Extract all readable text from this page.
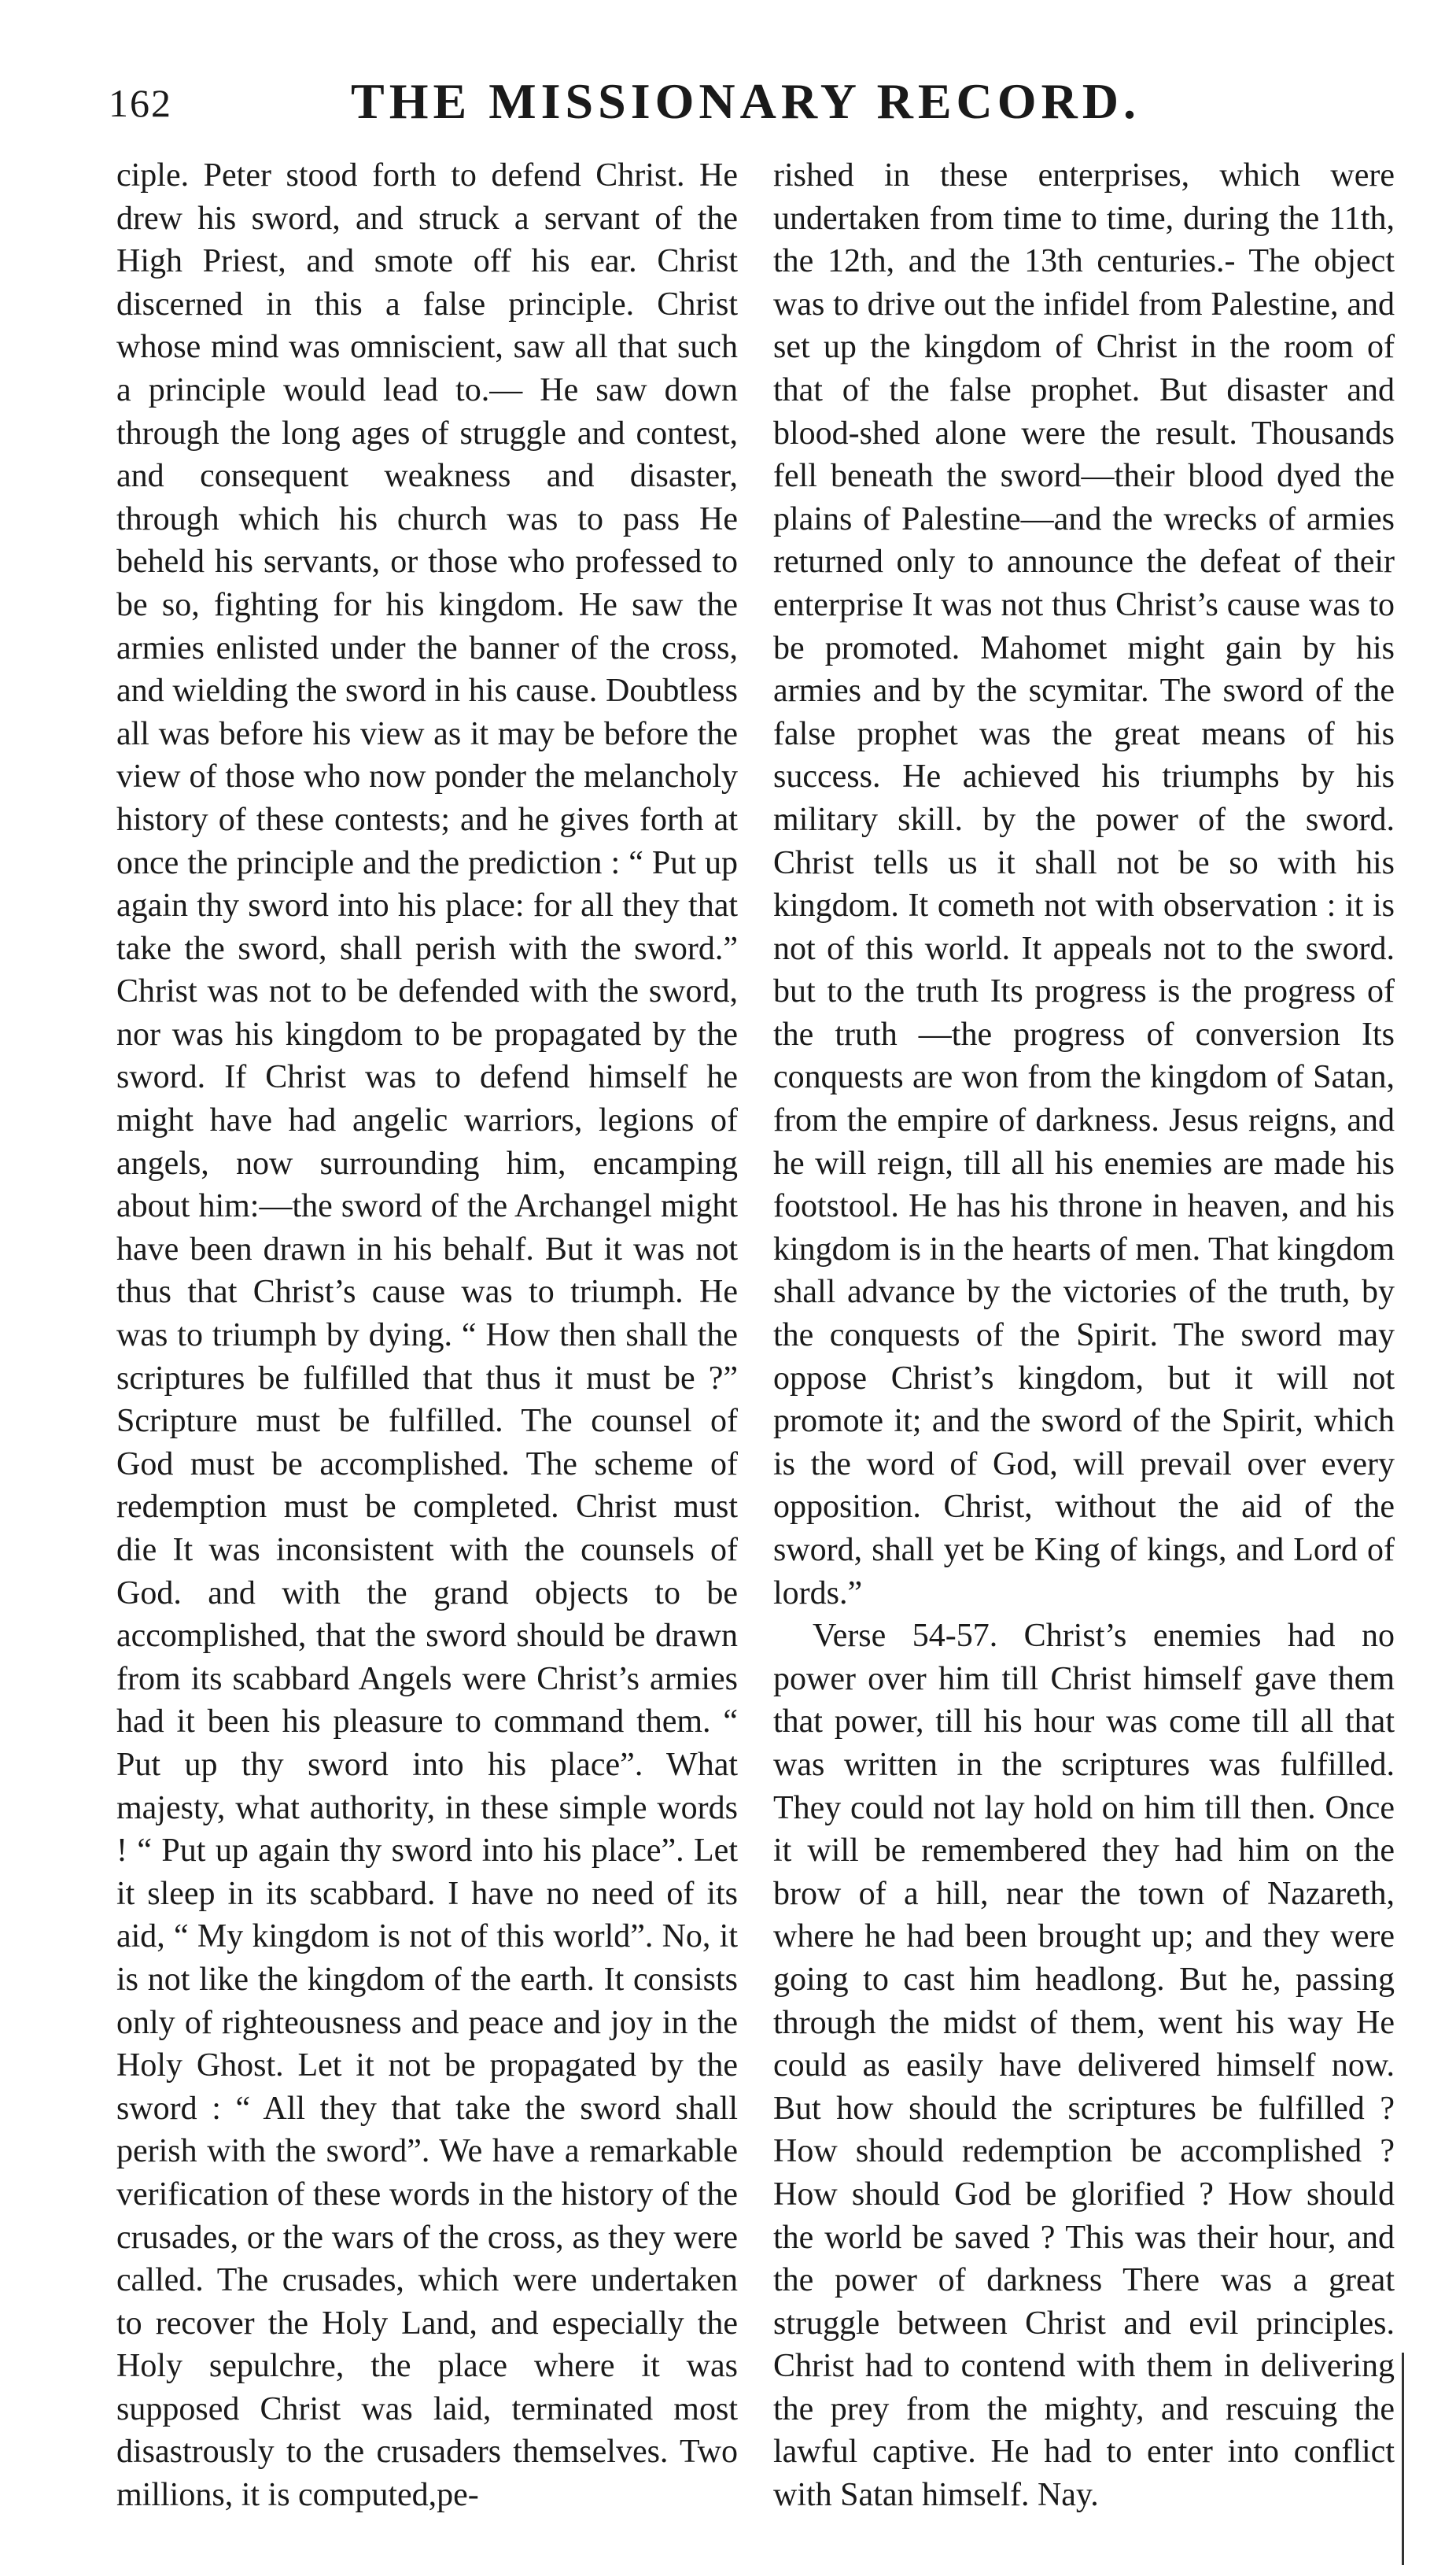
162	THE MISSIONARY RECORD.

ciple. Peter stood forth to defend Christ. He drew his sword, and struck a servant of the High Priest, and smote off his ear. Christ discerned in this a false principle. Christ whose mind was omniscient, saw all that such a principle would lead to.— He saw down through the long ages of struggle and contest, and consequent weakness and disaster, through which his church was to pass He beheld his servants, or those who professed to be so, fighting for his kingdom. He saw the armies enlisted under the banner of the cross, and wielding the sword in his cause. Doubtless all was before his view as it may be before the view of those who now ponder the melancholy history of these contests; and he gives forth at once the principle and the prediction : “ Put up again thy sword into his place: for all they that take the sword, shall perish with the sword.” Christ was not to be defended with the sword, nor was his kingdom to be propagated by the sword. If Christ was to defend himself he might have had angelic warriors, legions of angels, now surrounding him, encamping about him:—the sword of the Archangel might have been drawn in his behalf. But it was not thus that Christ’s cause was to triumph. He was to triumph by dying. “ How then shall the scriptures be fulfilled that thus it must be ?” Scripture must be fulfilled. The counsel of God must be accomplished. The scheme of redemption must be completed. Christ must die It was inconsistent with the counsels of God. and with the grand objects to be accomplished, that the sword should be drawn from its scabbard Angels were Christ’s armies had it been his pleasure to command them. “ Put up thy sword into his place”. What majesty, what authority, in these simple words ! “ Put up again thy sword into his place”. Let it sleep in its scabbard. I have no need of its aid, “ My kingdom is not of this world”. No, it is not like the kingdom of the earth. It consists only of righteousness and peace and joy in the Holy Ghost. Let it not be propagated by the sword : “ All they that take the sword shall perish with the sword”. We have a remarkable verification of these words in the history of the crusades, or the wars of the cross, as they were called. The crusades, which were undertaken to recover the Holy Land, and especially the Holy sepulchre, the place where it was supposed Christ was laid, terminated most disastrously to the crusaders themselves. Two millions, it is computed,pe-

rished in these enterprises, which were undertaken from time to time, during the 11th, the 12th, and the 13th centuries.- The object was to drive out the infidel from Palestine, and set up the kingdom of Christ in the room of that of the false prophet. But disaster and blood-shed alone were the result. Thousands fell beneath the sword—their blood dyed the plains of Palestine—and the wrecks of armies returned only to announce the defeat of their enterprise It was not thus Christ’s cause was to be promoted. Mahomet might gain by his armies and by the scymitar. The sword of the false prophet was the great means of his success. He achieved his triumphs by his military skill. by the power of the sword. Christ tells us it shall not be so with his kingdom. It cometh not with observation : it is not of this world. It appeals not to the sword. but to the truth Its progress is the progress of the truth —the progress of conversion Its conquests are won from the kingdom of Satan, from the empire of darkness. Jesus reigns, and he will reign, till all his enemies are made his footstool. He has his throne in heaven, and his kingdom is in the hearts of men. That kingdom shall advance by the victories of the truth, by the conquests of the Spirit. The sword may oppose Christ’s kingdom, but it will not promote it; and the sword of the Spirit, which is the word of God, will prevail over every opposition. Christ, without the aid of the sword, shall yet be King of kings, and Lord of lords.”

Verse 54-57. Christ’s enemies had no power over him till Christ himself gave them that power, till his hour was come till all that was written in the scriptures was fulfilled. They could not lay hold on him till then. Once it will be remembered they had him on the brow of a hill, near the town of Nazareth, where he had been brought up; and they were going to cast him headlong. But he, passing through the midst of them, went his way He could as easily have delivered himself now. But how should the scriptures be fulfilled ? How should redemption be accomplished ? How should God be glorified ? How should the world be saved ? This was their hour, and the power of darkness There was a great struggle between Christ and evil principles. Christ had to contend with them in delivering the prey from the mighty, and rescuing the lawful captive. He had to enter into conflict with Satan himself. Nay.
